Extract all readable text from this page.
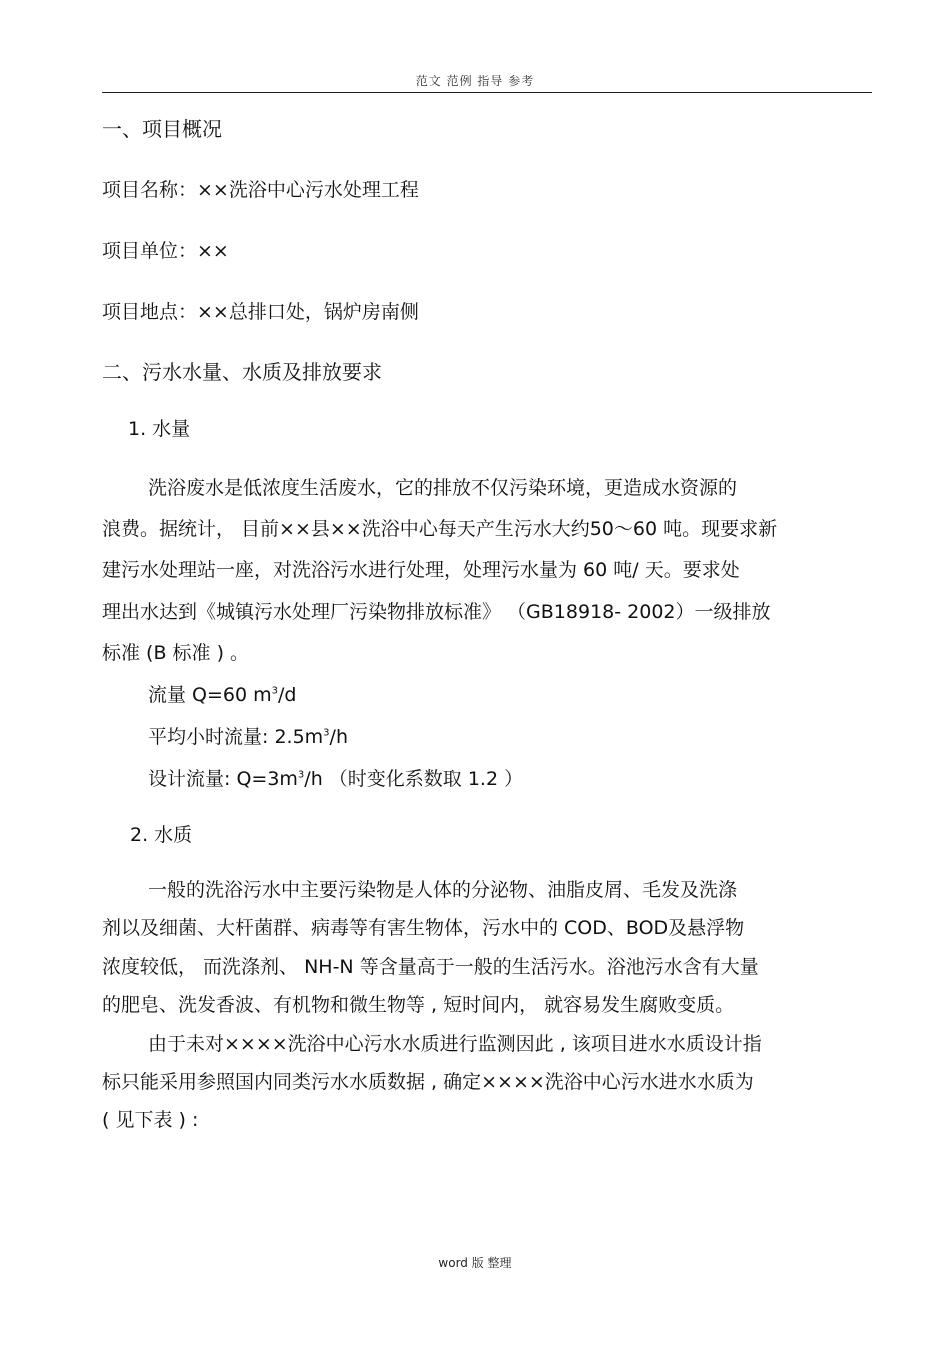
范文 范例 指导 参考
一、项目概况
项目名称：××洗浴中心污水处理工程
项目单位：××
项目地点：××总排口处，锅炉房南侧
二、污水水量、水质及排放要求
1. 水量
洗浴废水是低浓度生活废水，它的排放不仅污染环境，更造成水资源的
浪费。据统计， 目前××县××洗浴中心每天产生污水大约50～60 吨。现要求新
建污水处理站一座，对洗浴污水进行处理，处理污水量为 60 吨/ 天。要求处
理出水达到《城镇污水处理厂污染物排放标准》 （GB18918- 2002）一级排放
标准 (B 标准 ) 。
流量 Q=60 $m^3/d$
平均小时流量: $2.5m^3/h$
设计流量: $Q=3m^3/h$ （时变化系数取 1.2 ）
2. 水质
一般的洗浴污水中主要污染物是人体的分泌物、油脂皮屑、毛发及洗涤
剂以及细菌、大杆菌群、病毒等有害生物体，污水中的 COD、BOD及悬浮物
浓度较低， 而洗涤剂、 NH-N 等含量高于一般的生活污水。浴池污水含有大量
的肥皂、洗发香波、有机物和微生物等 , 短时间内， 就容易发生腐败变质。
由于未对××××洗浴中心污水水质进行监测因此 , 该项目进水水质设计指
标只能采用参照国内同类污水水质数据 , 确定××××洗浴中心污水进水水质为
( 见下表 ) :
word 版 整理
